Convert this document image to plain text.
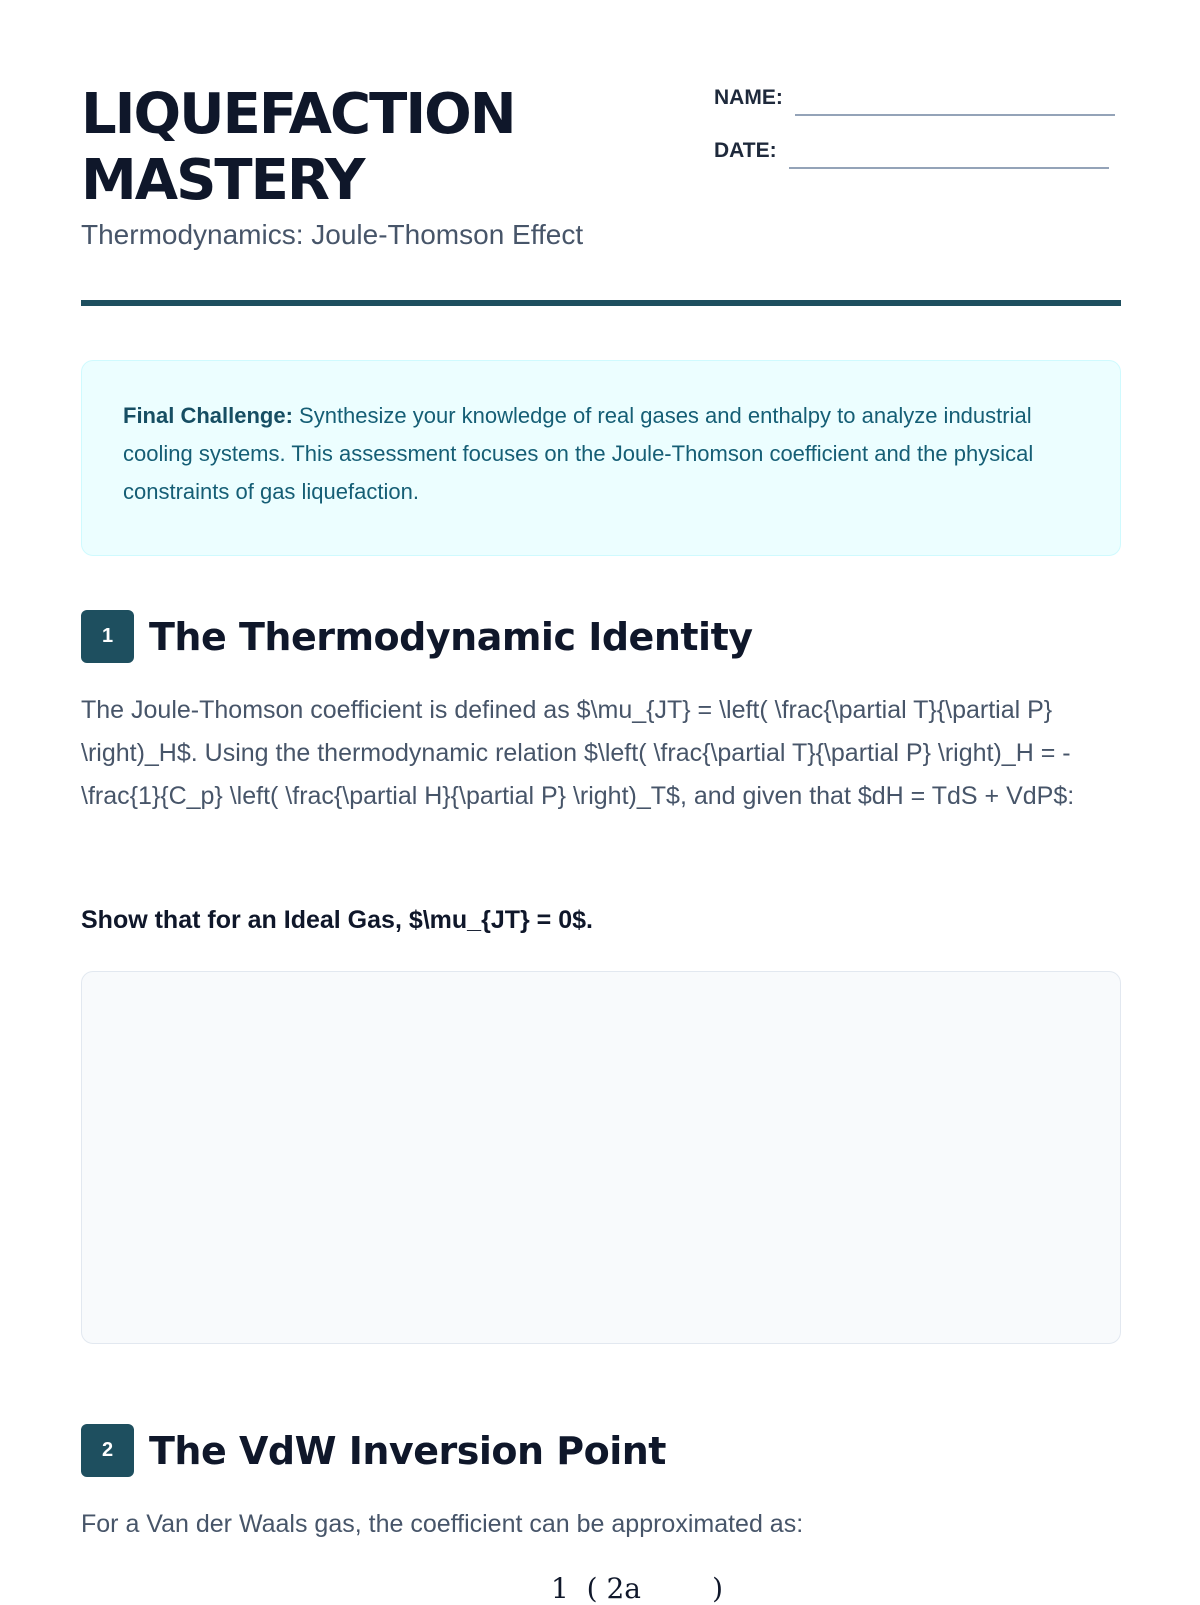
LIQUEFACTION
MASTERY
Thermodynamics: Joule-Thomson Effect
NAME:
DATE:
Final Challenge: Synthesize your knowledge of real gases and enthalpy to analyze industrial cooling systems. This assessment focuses on the Joule-Thomson coefficient and the physical constraints of gas liquefaction.
1 The Thermodynamic Identity
The Joule-Thomson coefficient is defined as $\mu_{JT} = \left( \frac{\partial T}{\partial P} \right)_H$. Using the thermodynamic relation $\left( \frac{\partial T}{\partial P} \right)_H = -\frac{1}{C_p} \left( \frac{\partial H}{\partial P} \right)_T$, and given that $dH = TdS + VdP$:
Show that for an Ideal Gas, $\mu_{JT} = 0$.
2 The VdW Inversion Point
For a Van der Waals gas, the coefficient can be approximated as:
1  ( 2a        )
